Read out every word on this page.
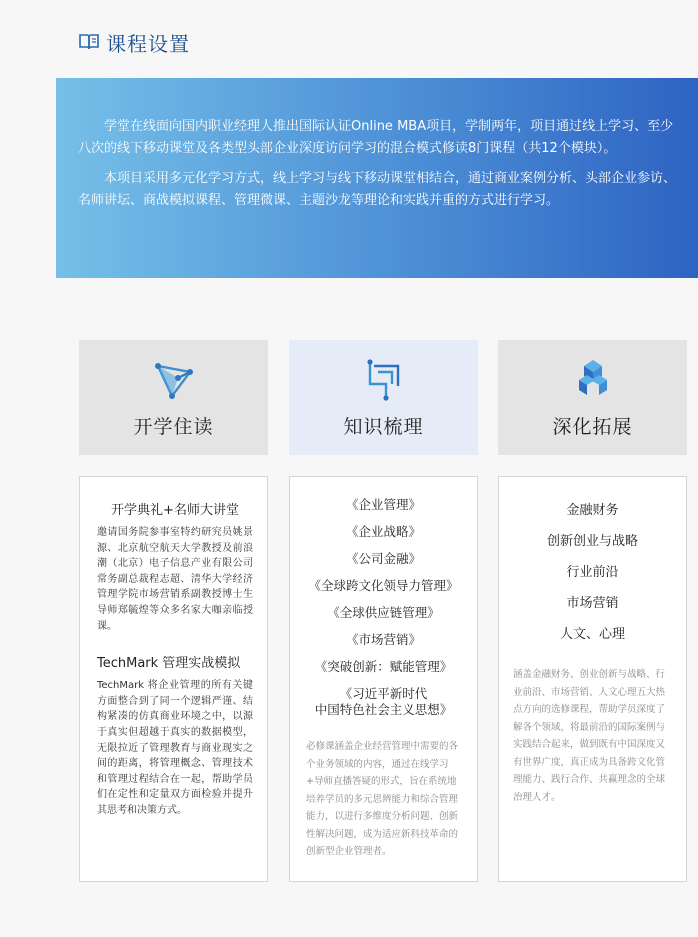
课程设置

学堂在线面向国内职业经理人推出国际认证Online MBA项目，学制两年，项目通过线上学习、至少八次的线下移动课堂及各类型头部企业深度访问学习的混合模式修读8门课程（共12个模块）。

本项目采用多元化学习方式，线上学习与线下移动课堂相结合，通过商业案例分析、头部企业参访、名师讲坛、商战模拟课程、管理微课、主题沙龙等理论和实践并重的方式进行学习。

开学住读	知识梳理	深化拓展
开学典礼+名师大讲堂
邀请国务院参事室特约研究员姚景源、北京航空航天大学教授及前浪潮（北京）电子信息产业有限公司常务副总裁程志超、清华大学经济管理学院市场营销系副教授博士生导师郑毓煌等众多名家大咖亲临授课。
TechMark 管理实战模拟
TechMark 将企业管理的所有关键方面整合到了同一个逻辑严谨、结构紧凑的仿真商业环境之中，以源于真实但超越于真实的数据模型，无限拉近了管理教育与商业现实之间的距离，将管理概念、管理技术和管理过程结合在一起，帮助学员们在定性和定量双方面检验并提升其思考和决策方式。
《企业管理》
《企业战略》
《公司金融》
《全球跨文化领导力管理》
《全球供应链管理》
《市场营销》
《突破创新：赋能管理》
《习近平新时代
中国特色社会主义思想》
必修课涵盖企业经营管理中需要的各个业务领域的内容，通过在线学习+导师直播答疑的形式，旨在系统地培养学员的多元思辨能力和综合管理能力，以进行多维度分析问题、创新性解决问题，成为适应新科技革命的创新型企业管理者。
金融财务
创新创业与战略
行业前沿
市场营销
人文、心理
涵盖金融财务、创业创新与战略、行业前沿、市场营销、人文心理五大热点方向的选修课程，帮助学员深度了解各个领域，将最前沿的国际案例与实践结合起来，做到既有中国深度又有世界广度，真正成为具备跨文化管理能力、践行合作、共赢理念的全球治理人才。
